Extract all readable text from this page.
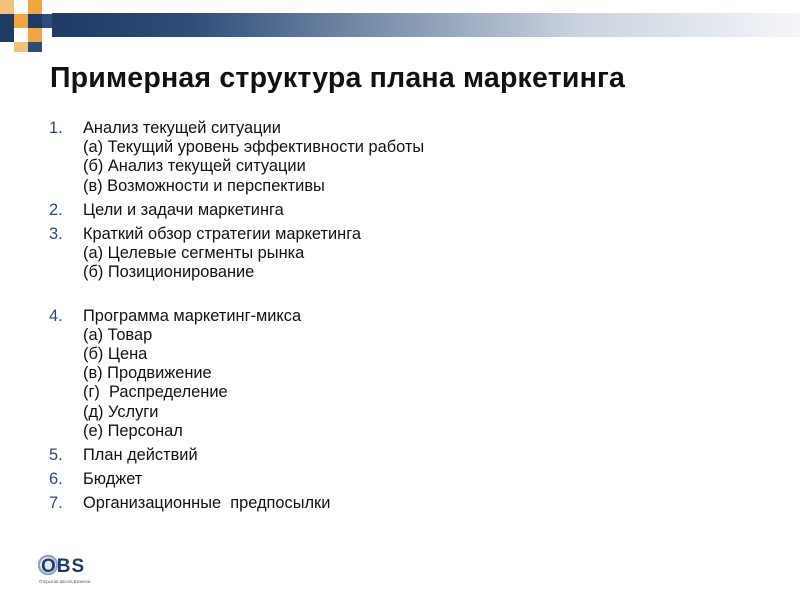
Примерная структура плана маркетинга
1. Анализ текущей ситуации
(а) Текущий уровень эффективности работы
(б) Анализ текущей ситуации
(в) Возможности и перспективы
2. Цели и задачи маркетинга
3. Краткий обзор стратегии маркетинга
(а) Целевые сегменты рынка
(б) Позиционирование
4. Программа маркетинг-микса
(а) Товар
(б) Цена
(в) Продвижение
(г)  Распределение
(д) Услуги
(е) Персонал
5. План действий
6. Бюджет
7. Организационные  предпосылки
OBS
Открытая Школа Бизнеса
